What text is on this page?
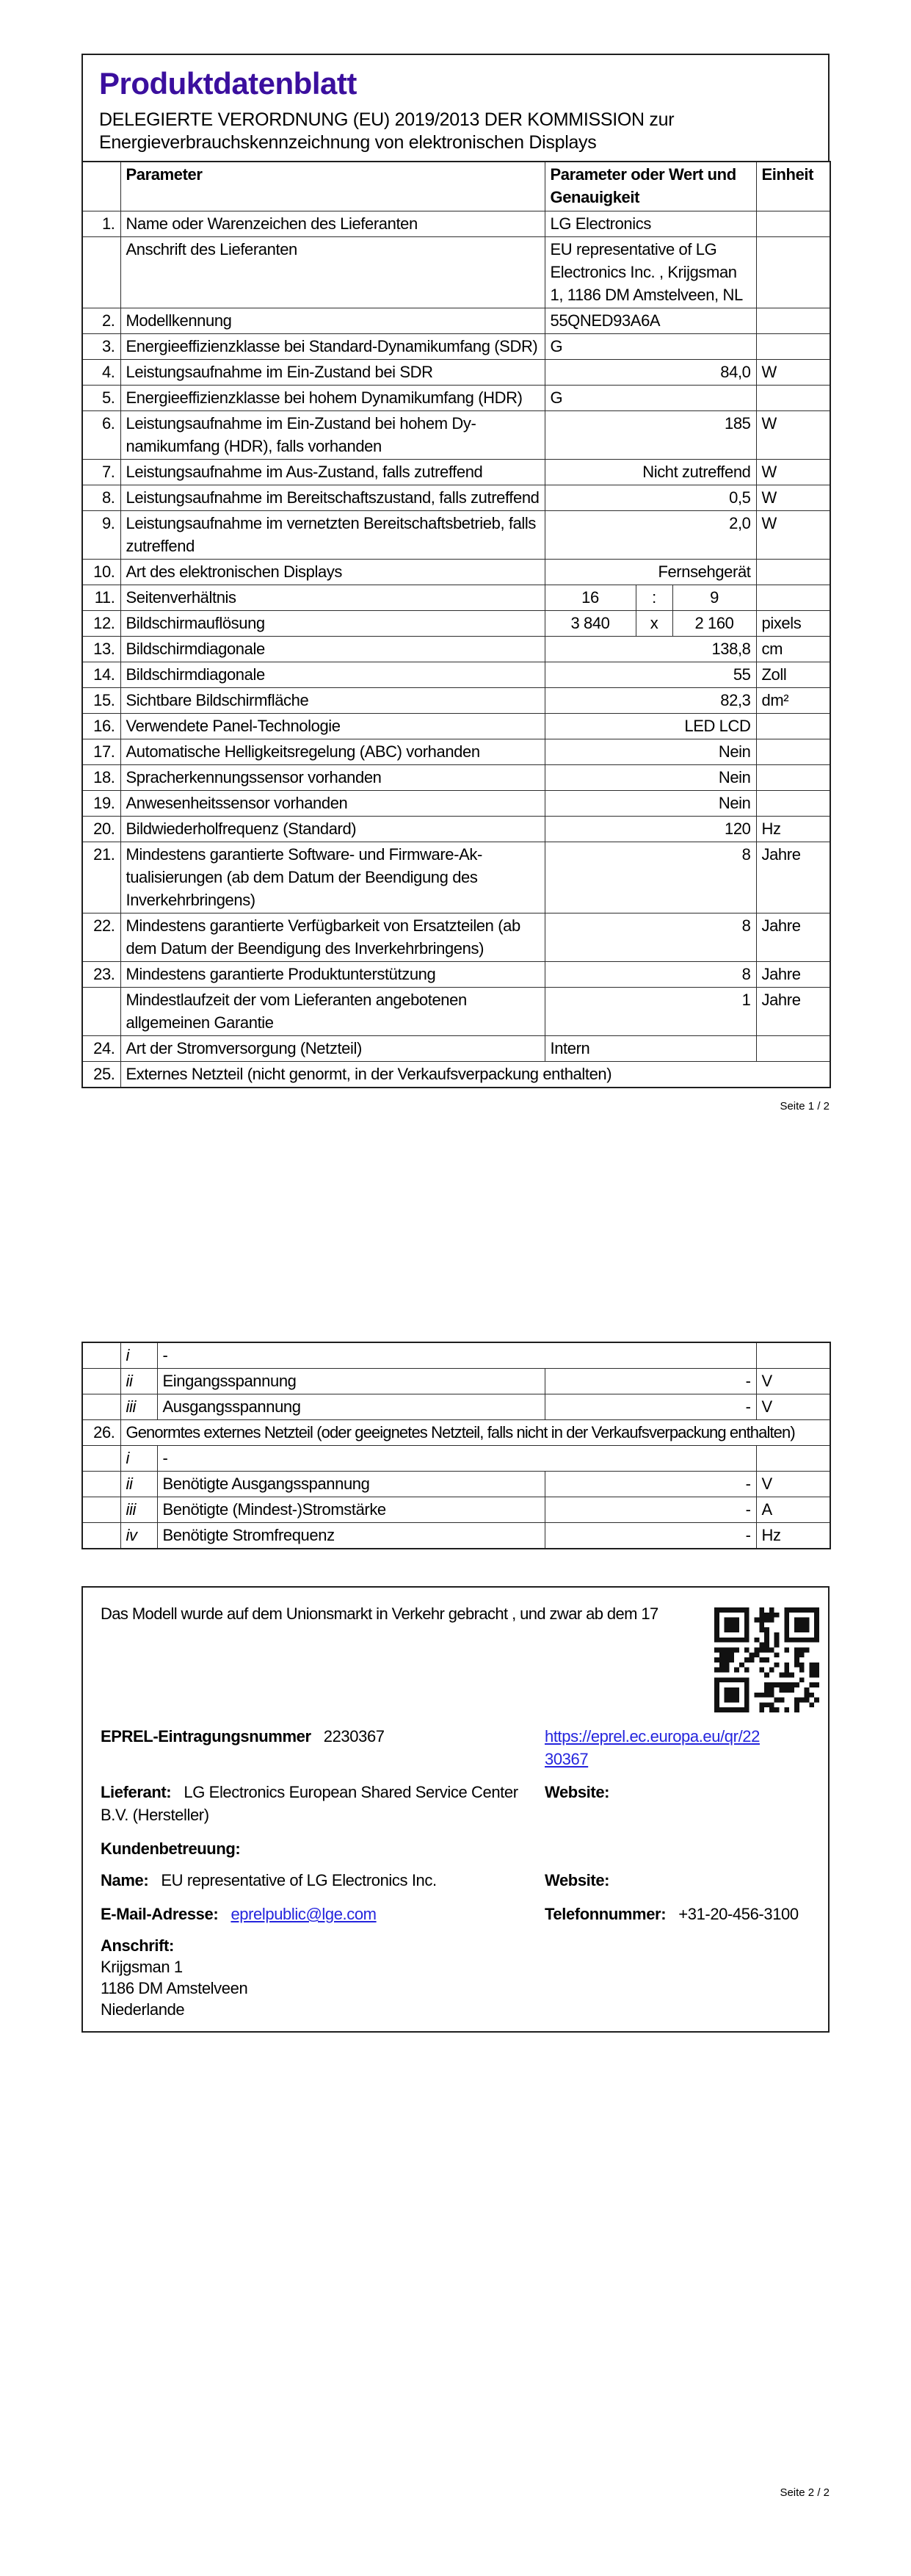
Produktdatenblatt
DELEGIERTE VERORDNUNG (EU) 2019/2013 DER KOMMISSION zur Energieverbrauchskennzeichnung von elektronischen Displays
	Parameter	Parameter oder Wert und Genauigkeit			Einheit
1.	Name oder Warenzeichen des Lieferanten	LG Electronics			
	Anschrift des Lieferanten	EU representative of LG Electronics Inc. , Krijgsman 1, 1186 DM Amstelveen, NL			
2.	Modellkennung	55QNED93A6A			
3.	Energieeffizienzklasse bei Standard-Dynamikumfang (SDR)	G			
4.	Leistungsaufnahme im Ein-Zustand bei SDR	84,0			W
5.	Energieeffizienzklasse bei hohem Dynamikumfang (HDR)	G			
6.	Leistungsaufnahme im Ein-Zustand bei hohem Dynamikumfang (HDR), falls vorhanden	185			W
7.	Leistungsaufnahme im Aus-Zustand, falls zutreffend	Nicht zutreffend			W
8.	Leistungsaufnahme im Bereitschaftszustand, falls zutreffend	0,5			W
9.	Leistungsaufnahme im vernetzten Bereitschaftsbetrieb, falls zutreffend	2,0			W
10.	Art des elektronischen Displays	Fernsehgerät			
11.	Seitenverhältnis	16	:	9	
12.	Bildschirmauflösung	3 840	x	2 160	pixels
13.	Bildschirmdiagonale	138,8			cm
14.	Bildschirmdiagonale	55			Zoll
15.	Sichtbare Bildschirmfläche	82,3			dm²
16.	Verwendete Panel-Technologie	LED LCD			
17.	Automatische Helligkeitsregelung (ABC) vorhanden	Nein			
18.	Spracherkennungssensor vorhanden	Nein			
19.	Anwesenheitssensor vorhanden	Nein			
20.	Bildwiederholfrequenz (Standard)	120			Hz
21.	Mindestens garantierte Software- und Firmware-Aktualisierungen (ab dem Datum der Beendigung des Inverkehrbringens)	8			Jahre
22.	Mindestens garantierte Verfügbarkeit von Ersatzteilen (ab dem Datum der Beendigung des Inverkehrbringens)	8			Jahre
23.	Mindestens garantierte Produktunterstützung	8			Jahre
	Mindestlaufzeit der vom Lieferanten angebotenen allgemeinen Garantie	1			Jahre
24.	Art der Stromversorgung (Netzteil)	Intern			
25.	Externes Netzteil (nicht genormt, in der Verkaufsverpackung enthalten)				
Seite 1 / 2
	i	-		
	ii	Eingangsspannung	-	V
	iii	Ausgangsspannung	-	V
26.	Genormtes externes Netzteil (oder geeignetes Netzteil, falls nicht in der Verkaufsverpackung enthalten)			
	i	-		
	ii	Benötigte Ausgangsspannung	-	V
	iii	Benötigte (Mindest-)Stromstärke	-	A
	iv	Benötigte Stromfrequenz	-	Hz
Das Modell wurde auf dem Unionsmarkt in Verkehr gebracht , und zwar ab dem 17
EPREL-Eintragungsnummer 2230367	https://eprel.ec.europa.eu/qr/22
30367
Lieferant: LG Electronics European Shared Service Center B.V. (Hersteller)
Website:
Kundenbetreuung:
Name: EU representative of LG Electronics Inc.	Website:
E-Mail-Adresse: eprelpublic@lge.com	Telefonnummer: +31-20-456-3100
Anschrift:
Krijgsman 1
1186 DM Amstelveen
Niederlande
Seite 2 / 2
